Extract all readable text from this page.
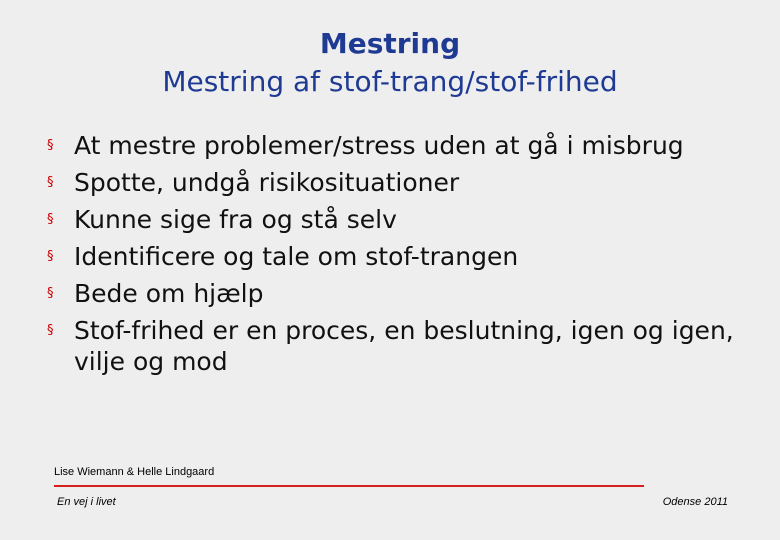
Mestring
Mestring af stof-trang/stof-frihed
§ At mestre problemer/stress uden at gå i misbrug
§ Spotte, undgå risikosituationer
§ Kunne sige fra og stå selv
§ Identificere og tale om stof-trangen
§ Bede om hjælp
§ Stof-frihed er en proces, en beslutning, igen og igen, vilje og mod
Lise Wiemann & Helle Lindgaard
En vej i livet	Odense 2011
